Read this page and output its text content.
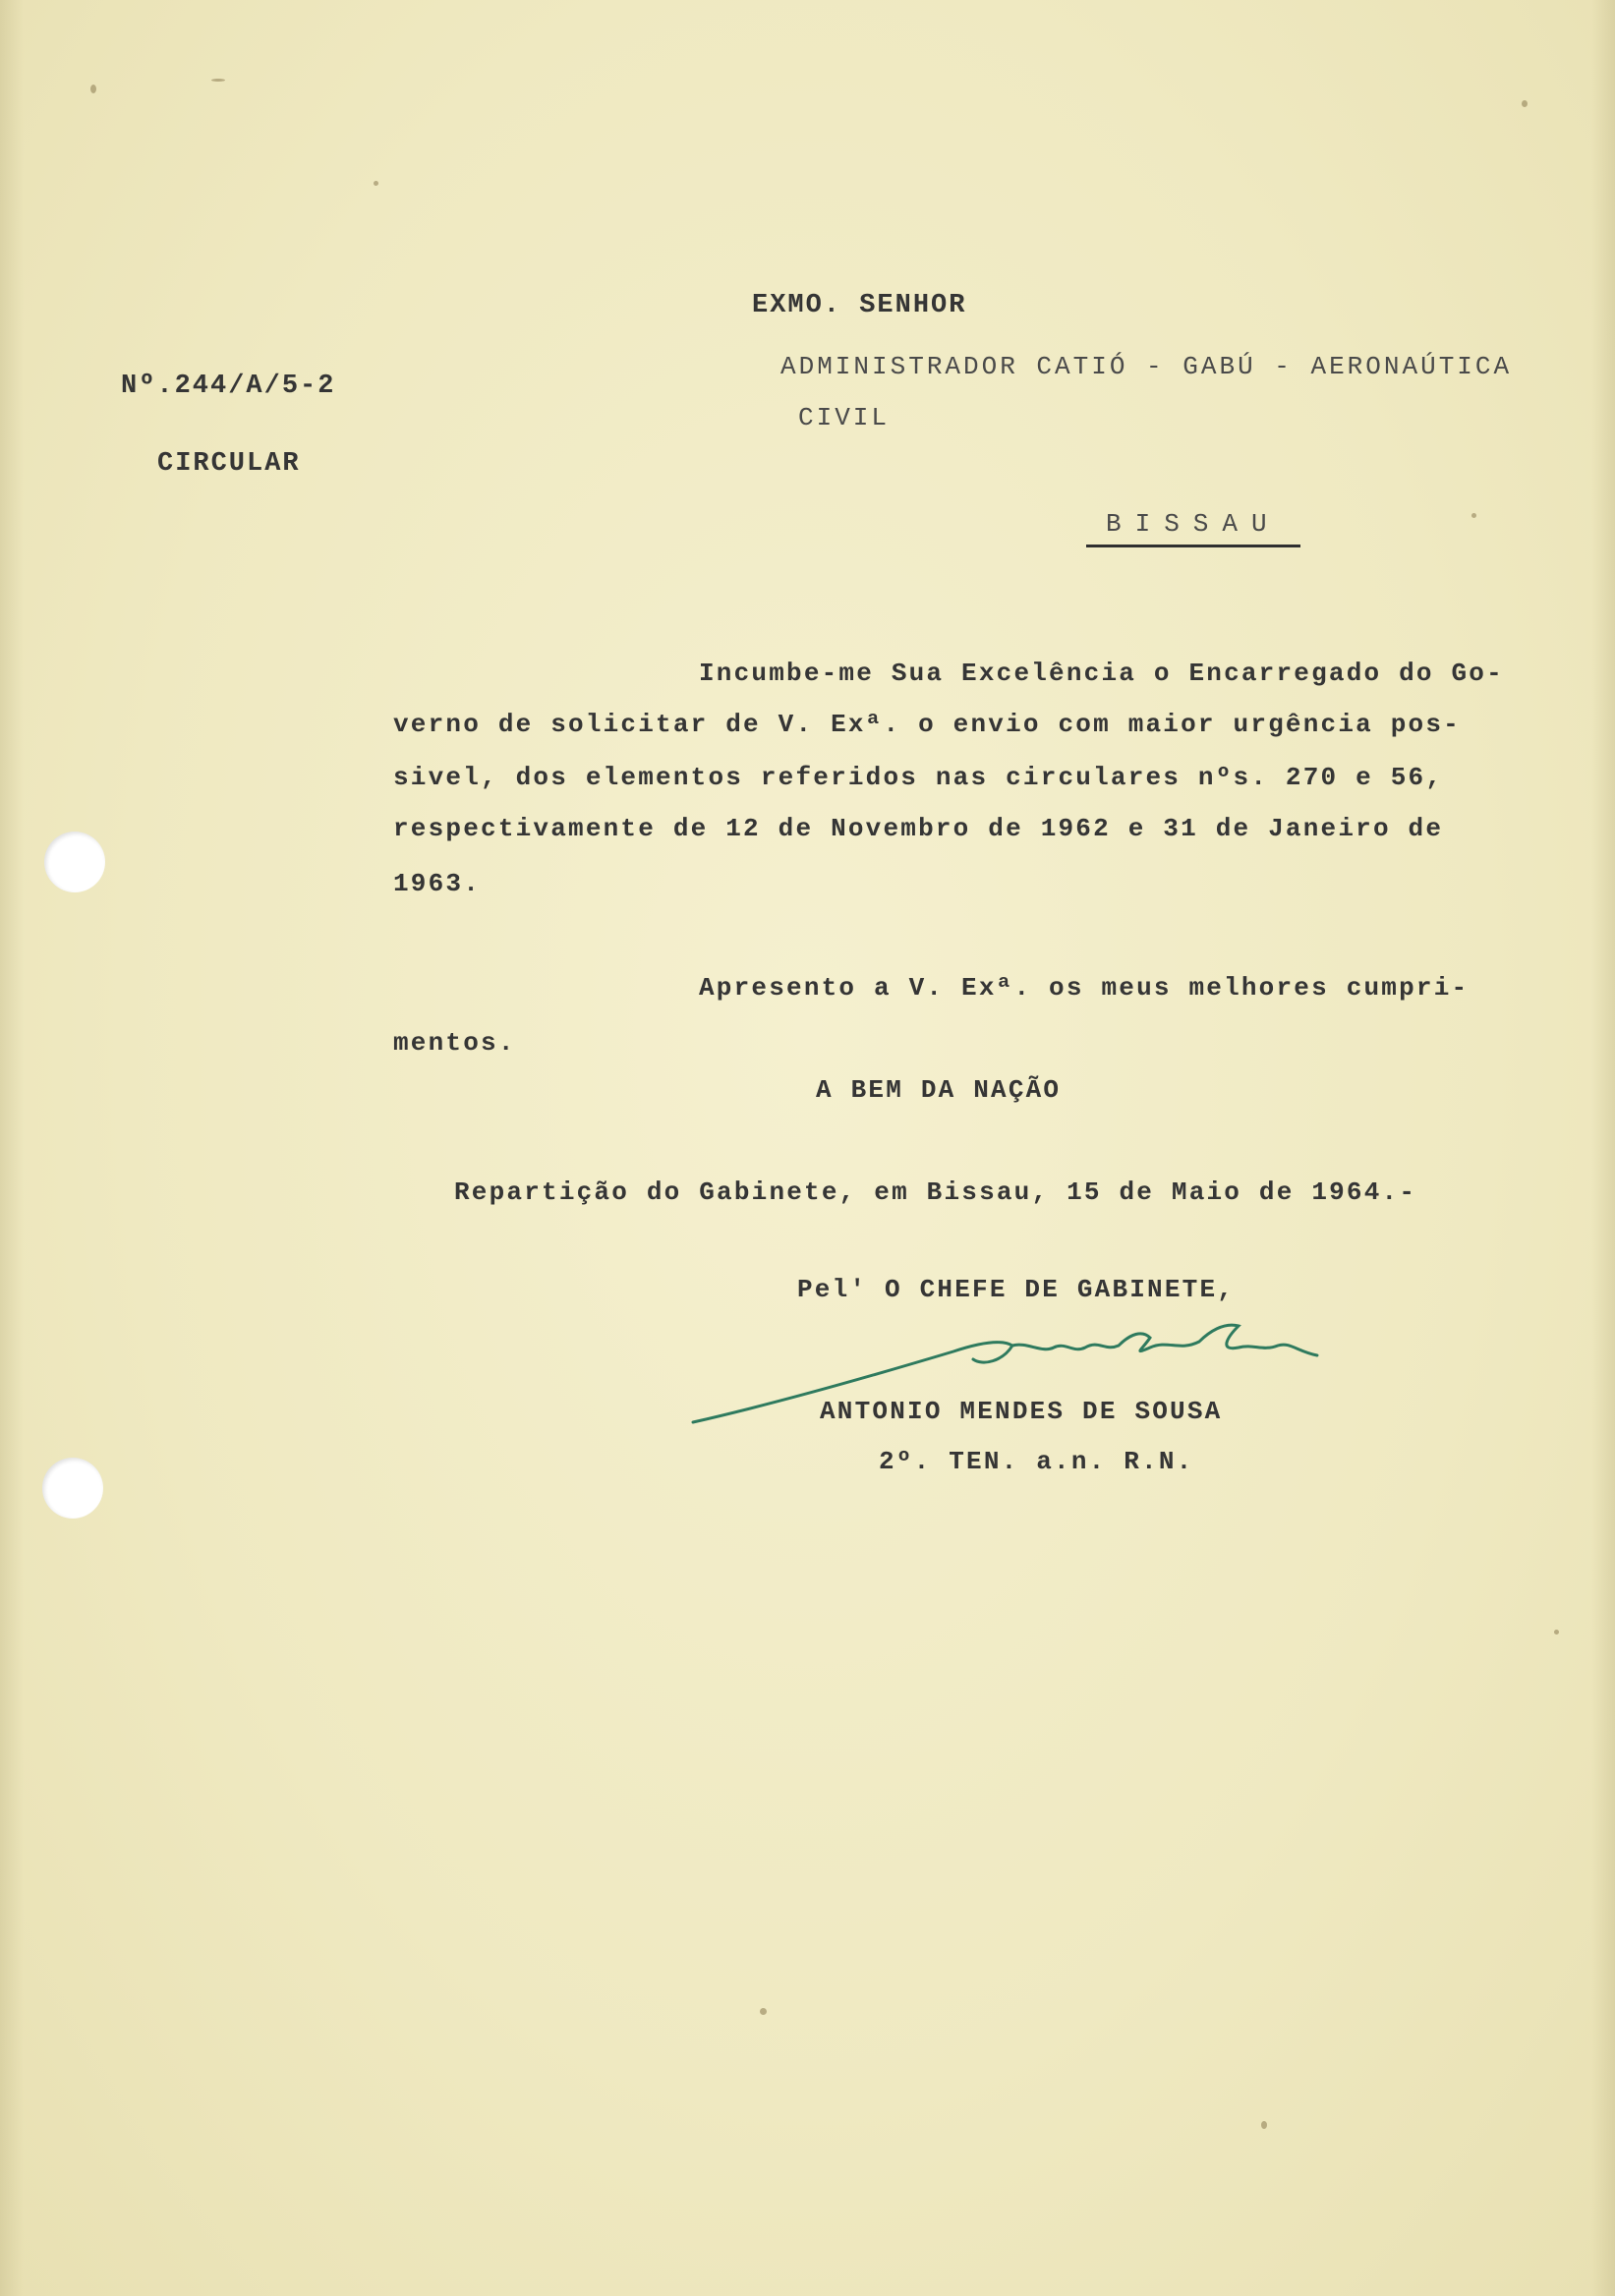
Nº.244/A/5-2
CIRCULAR
EXMO. SENHOR
ADMINISTRADOR CATIÓ - GABÚ - AERONAÚTICA
CIVIL
BISSAU
Incumbe-me Sua Excelência o Encarregado do Go-
verno de solicitar de V. Exª. o envio com maior urgência pos-
sivel, dos elementos referidos nas circulares nºs. 270 e 56,
respectivamente de 12 de Novembro de 1962 e 31 de Janeiro de
1963.
Apresento a V. Exª. os meus melhores cumpri-
mentos.
A BEM DA NAÇÃO
Repartição do Gabinete, em Bissau, 15 de Maio de 1964.-
Pel' O CHEFE DE GABINETE,
ANTONIO MENDES DE SOUSA
2º. TEN. a.n. R.N.
